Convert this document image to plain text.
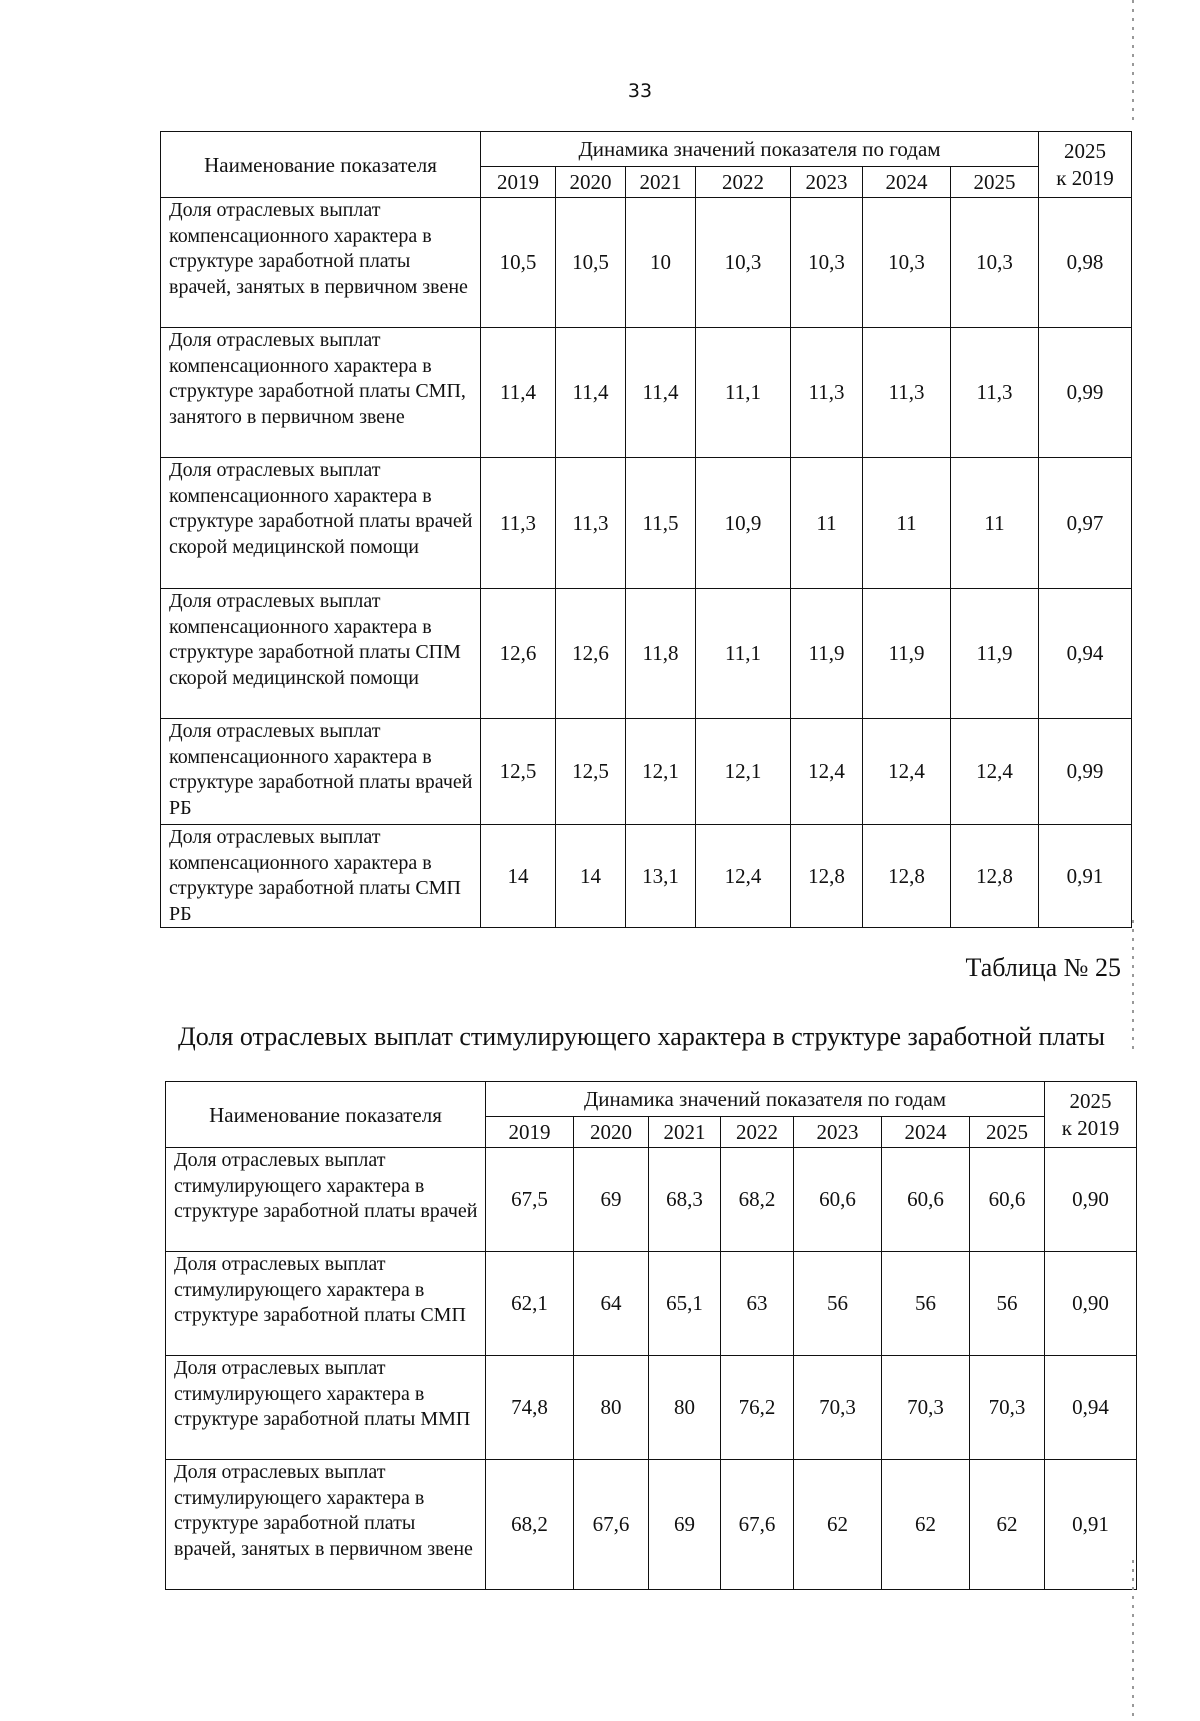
33
Наименование показателя	Динамика значений показателя по годам							2025
к 2019
	2019	2020	2021	2022	2023	2024	2025	
Доля отраслевых выплат компенсационного характера в структуре заработной платы врачей, занятых в первичном звене	10,5	10,5	10	10,3	10,3	10,3	10,3	0,98
Доля отраслевых выплат компенсационного характера в структуре заработной платы СМП, занятого в первичном звене	11,4	11,4	11,4	11,1	11,3	11,3	11,3	0,99
Доля отраслевых выплат компенсационного характера в структуре заработной платы врачей скорой медицинской помощи	11,3	11,3	11,5	10,9	11	11	11	0,97
Доля отраслевых выплат компенсационного характера в структуре заработной платы СПМ скорой медицинской помощи	12,6	12,6	11,8	11,1	11,9	11,9	11,9	0,94
Доля отраслевых выплат компенсационного характера в структуре заработной платы врачей РБ	12,5	12,5	12,1	12,1	12,4	12,4	12,4	0,99
Доля отраслевых выплат компенсационного характера в структуре заработной платы СМП РБ	14	14	13,1	12,4	12,8	12,8	12,8	0,91
Таблица № 25
Доля отраслевых выплат стимулирующего характера в структуре заработной платы
Наименование показателя	Динамика значений показателя по годам							2025
к 2019
	2019	2020	2021	2022	2023	2024	2025	
Доля отраслевых выплат стимулирующего характера в структуре заработной платы врачей	67,5	69	68,3	68,2	60,6	60,6	60,6	0,90
Доля отраслевых выплат стимулирующего характера в структуре заработной платы СМП	62,1	64	65,1	63	56	56	56	0,90
Доля отраслевых выплат стимулирующего характера в структуре заработной платы ММП	74,8	80	80	76,2	70,3	70,3	70,3	0,94
Доля отраслевых выплат стимулирующего характера в структуре заработной платы врачей, занятых в первичном звене	68,2	67,6	69	67,6	62	62	62	0,91
